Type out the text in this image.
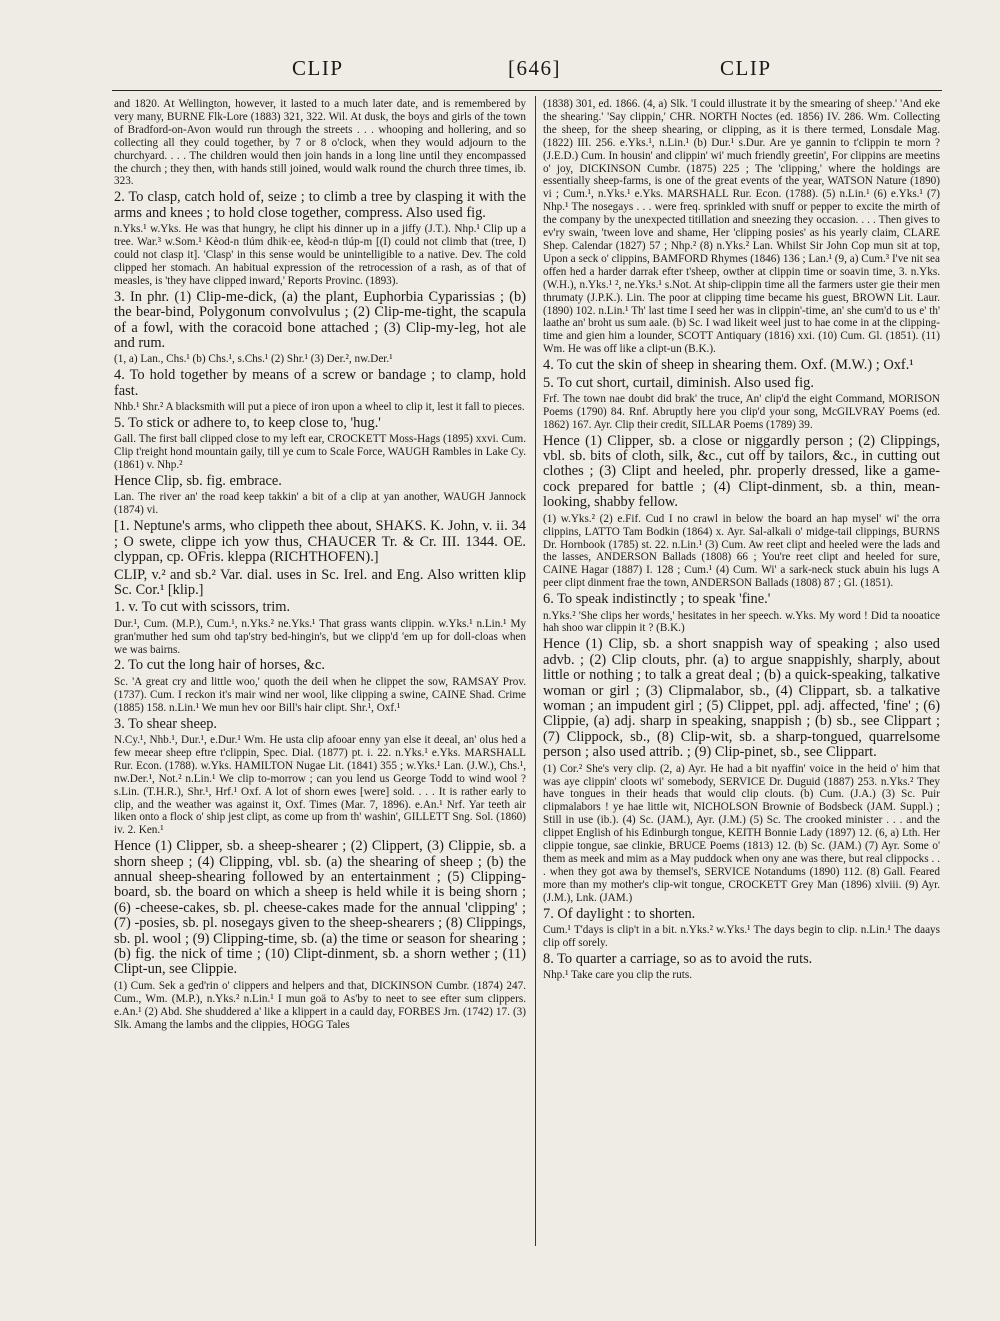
CLIP	[646]	CLIP

and 1820. At Wellington, however, it lasted to a much later date, and is remembered by very many, BURNE Flk-Lore (1883) 321, 322. Wil. At dusk, the boys and girls of the town of Bradford-on-Avon would run through the streets . . . whooping and hollering, and so collecting all they could together, by 7 or 8 o'clock, when they would adjourn to the churchyard. . . . The children would then join hands in a long line until they encompassed the church ; they then, with hands still joined, would walk round the church three times, ib. 323.

2. To clasp, catch hold of, seize ; to climb a tree by clasping it with the arms and knees ; to hold close together, compress. Also used fig.

n.Yks.¹ w.Yks. He was that hungry, he clipt his dinner up in a jiffy (J.T.). Nhp.¹ Clip up a tree. War.³ w.Som.¹ Kèod-n tlúm dhik·ee, kèod-n tlúp-m [(I) could not climb that (tree, I) could not clasp it]. 'Clasp' in this sense would be unintelligible to a native. Dev. The cold clipped her stomach. An habitual expression of the retrocession of a rash, as of that of measles, is 'they have clipped inward,' Reports Provinc. (1893).

3. In phr. (1) Clip-me-dick, (a) the plant, Euphorbia Cyparissias ; (b) the bear-bind, Polygonum convolvulus ; (2) Clip-me-tight, the scapula of a fowl, with the coracoid bone attached ; (3) Clip-my-leg, hot ale and rum.

(1, a) Lan., Chs.¹ (b) Chs.¹, s.Chs.¹ (2) Shr.¹ (3) Der.², nw.Der.¹

4. To hold together by means of a screw or bandage ; to clamp, hold fast.

Nhb.¹ Shr.² A blacksmith will put a piece of iron upon a wheel to clip it, lest it fall to pieces.

5. To stick or adhere to, to keep close to, 'hug.'

Gall. The first ball clipped close to my left ear, CROCKETT Moss-Hags (1895) xxvi. Cum. Clip t'reight hond mountain gaily, till ye cum to Scale Force, WAUGH Rambles in Lake Cy. (1861) v. Nhp.²

Hence Clip, sb. fig. embrace.

Lan. The river an' the road keep takkin' a bit of a clip at yan another, WAUGH Jannock (1874) vi.

[1. Neptune's arms, who clippeth thee about, SHAKS. K. John, v. ii. 34 ; O swete, clippe ich yow thus, CHAUCER Tr. & Cr. III. 1344. OE. clyppan, cp. OFris. kleppa (RICHTHOFEN).]

CLIP, v.² and sb.² Var. dial. uses in Sc. Irel. and Eng. Also written klip Sc. Cor.¹ [klip.]

1. v. To cut with scissors, trim.

Dur.¹, Cum. (M.P.), Cum.¹, n.Yks.² ne.Yks.¹ That grass wants clippin. w.Yks.¹ n.Lin.¹ My gran'muther hed sum ohd tap'stry bed-hingin's, but we clipp'd 'em up for doll-cloas when we was bairns.

2. To cut the long hair of horses, &c.

Sc. 'A great cry and little woo,' quoth the deil when he clippet the sow, RAMSAY Prov. (1737). Cum. I reckon it's mair wind ner wool, like clipping a swine, CAINE Shad. Crime (1885) 158. n.Lin.¹ We mun hev oor Bill's hair clipt. Shr.¹, Oxf.¹

3. To shear sheep.

N.Cy.¹, Nhb.¹, Dur.¹, e.Dur.¹ Wm. He usta clip afooar enny yan else it deeal, an' olus hed a few meear sheep eftre t'clippin, Spec. Dial. (1877) pt. i. 22. n.Yks.¹ e.Yks. MARSHALL Rur. Econ. (1788). w.Yks. HAMILTON Nugae Lit. (1841) 355 ; w.Yks.¹ Lan. (J.W.), Chs.¹, nw.Der.¹, Not.² n.Lin.¹ We clip to-morrow ; can you lend us George Todd to wind wool ? s.Lin. (T.H.R.), Shr.¹, Hrf.¹ Oxf. A lot of shorn ewes [were] sold. . . . It is rather early to clip, and the weather was against it, Oxf. Times (Mar. 7, 1896). e.An.¹ Nrf. Yar teeth air liken onto a flock o' ship jest clipt, as come up from th' washin', GILLETT Sng. Sol. (1860) iv. 2. Ken.¹

Hence (1) Clipper, sb. a sheep-shearer ; (2) Clippert, (3) Clippie, sb. a shorn sheep ; (4) Clipping, vbl. sb. (a) the shearing of sheep ; (b) the annual sheep-shearing followed by an entertainment ; (5) Clipping-board, sb. the board on which a sheep is held while it is being shorn ; (6) -cheese-cakes, sb. pl. cheese-cakes made for the annual 'clipping' ; (7) -posies, sb. pl. nosegays given to the sheep-shearers ; (8) Clippings, sb. pl. wool ; (9) Clipping-time, sb. (a) the time or season for shearing ; (b) fig. the nick of time ; (10) Clipt-dinment, sb. a shorn wether ; (11) Clipt-un, see Clippie.

(1) Cum. Sek a ged'rin o' clippers and helpers and that, DICKINSON Cumbr. (1874) 247. Cum., Wm. (M.P.), n.Yks.² n.Lin.¹ I mun goä to As'by to neet to see efter sum clippers. e.An.¹ (2) Abd. She shuddered a' like a klippert in a cauld day, FORBES Jrn. (1742) 17. (3) Slk. Amang the lambs and the clippies, HOGG Tales

(1838) 301, ed. 1866. (4, a) Slk. 'I could illustrate it by the smearing of sheep.' 'And eke the shearing.' 'Say clippin,' CHR. NORTH Noctes (ed. 1856) IV. 286. Wm. Collecting the sheep, for the sheep shearing, or clipping, as it is there termed, Lonsdale Mag. (1822) III. 256. e.Yks.¹, n.Lin.¹ (b) Dur.¹ s.Dur. Are ye gannin to t'clippin te morn ? (J.E.D.) Cum. In housin' and clippin' wi' much friendly greetin', For clippins are meetins o' joy, DICKINSON Cumbr. (1875) 225 ; The 'clipping,' where the holdings are essentially sheep-farms, is one of the great events of the year, WATSON Nature (1890) vi ; Cum.¹, n.Yks.¹ e.Yks. MARSHALL Rur. Econ. (1788). (5) n.Lin.¹ (6) e.Yks.¹ (7) Nhp.¹ The nosegays . . . were freq. sprinkled with snuff or pepper to excite the mirth of the company by the unexpected titillation and sneezing they occasion. . . . Then gives to ev'ry swain, 'tween love and shame, Her 'clipping posies' as his yearly claim, CLARE Shep. Calendar (1827) 57 ; Nhp.² (8) n.Yks.² Lan. Whilst Sir John Cop mun sit at top, Upon a seck o' clippins, BAMFORD Rhymes (1846) 136 ; Lan.¹ (9, a) Cum.³ I've nit sea offen hed a harder darrak efter t'sheep, owther at clippin time or soavin time, 3. n.Yks. (W.H.), n.Yks.¹ ², ne.Yks.¹ s.Not. At ship-clippin time all the farmers uster gie their men thrumaty (J.P.K.). Lin. The poor at clipping time became his guest, BROWN Lit. Laur. (1890) 102. n.Lin.¹ Th' last time I seed her was in clippin'-time, an' she cum'd to us e' th' laathe an' broht us sum aale. (b) Sc. I wad likeit weel just to hae come in at the clipping-time and gien him a lounder, SCOTT Antiquary (1816) xxi. (10) Cum. Gl. (1851). (11) Wm. He was off like a clipt-un (B.K.).

4. To cut the skin of sheep in shearing them. Oxf. (M.W.) ; Oxf.¹

5. To cut short, curtail, diminish. Also used fig.

Frf. The town nae doubt did brak' the truce, An' clip'd the eight Command, MORISON Poems (1790) 84. Rnf. Abruptly here you clip'd your song, McGILVRAY Poems (ed. 1862) 167. Ayr. Clip their credit, SILLAR Poems (1789) 39.

Hence (1) Clipper, sb. a close or niggardly person ; (2) Clippings, vbl. sb. bits of cloth, silk, &c., cut off by tailors, &c., in cutting out clothes ; (3) Clipt and heeled, phr. properly dressed, like a game-cock prepared for battle ; (4) Clipt-dinment, sb. a thin, mean-looking, shabby fellow.

(1) w.Yks.² (2) e.Fif. Cud I no crawl in below the board an hap mysel' wi' the orra clippins, LATTO Tam Bodkin (1864) x. Ayr. Sal-alkali o' midge-tail clippings, BURNS Dr. Hornbook (1785) st. 22. n.Lin.¹ (3) Cum. Aw reet clipt and heeled were the lads and the lasses, ANDERSON Ballads (1808) 66 ; You're reet clipt and heeled for sure, CAINE Hagar (1887) I. 128 ; Cum.¹ (4) Cum. Wi' a sark-neck stuck abuin his lugs A peer clipt dinment frae the town, ANDERSON Ballads (1808) 87 ; Gl. (1851).

6. To speak indistinctly ; to speak 'fine.'

n.Yks.² 'She clips her words,' hesitates in her speech. w.Yks. My word ! Did ta nooatice hah shoo war clippin it ? (B.K.)

Hence (1) Clip, sb. a short snappish way of speaking ; also used advb. ; (2) Clip clouts, phr. (a) to argue snappishly, sharply, about little or nothing ; to talk a great deal ; (b) a quick-speaking, talkative woman or girl ; (3) Clipmalabor, sb., (4) Clippart, sb. a talkative woman ; an impudent girl ; (5) Clippet, ppl. adj. affected, 'fine' ; (6) Clippie, (a) adj. sharp in speaking, snappish ; (b) sb., see Clippart ; (7) Clippock, sb., (8) Clip-wit, sb. a sharp-tongued, quarrelsome person ; also used attrib. ; (9) Clip-pinet, sb., see Clippart.

(1) Cor.² She's very clip. (2, a) Ayr. He had a bit nyaffin' voice in the heid o' him that was aye clippin' cloots wi' somebody, SERVICE Dr. Duguid (1887) 253. n.Yks.² They have tongues in their heads that would clip clouts. (b) Cum. (J.A.) (3) Sc. Puir clipmalabors ! ye hae little wit, NICHOLSON Brownie of Bodsbeck (JAM. Suppl.) ; Still in use (ib.). (4) Sc. (JAM.), Ayr. (J.M.) (5) Sc. The crooked minister . . . and the clippet English of his Edinburgh tongue, KEITH Bonnie Lady (1897) 12. (6, a) Lth. Her clippie tongue, sae clinkie, BRUCE Poems (1813) 12. (b) Sc. (JAM.) (7) Ayr. Some o' them as meek and mim as a May puddock when ony ane was there, but real clippocks . . . when they got awa by themsel's, SERVICE Notandums (1890) 112. (8) Gall. Feared more than my mother's clip-wit tongue, CROCKETT Grey Man (1896) xlviii. (9) Ayr. (J.M.), Lnk. (JAM.)

7. Of daylight : to shorten.

Cum.¹ T'days is clip't in a bit. n.Yks.² w.Yks.¹ The days begin to clip. n.Lin.¹ The daays clip off sorely.

8. To quarter a carriage, so as to avoid the ruts.

Nhp.¹ Take care you clip the ruts.
